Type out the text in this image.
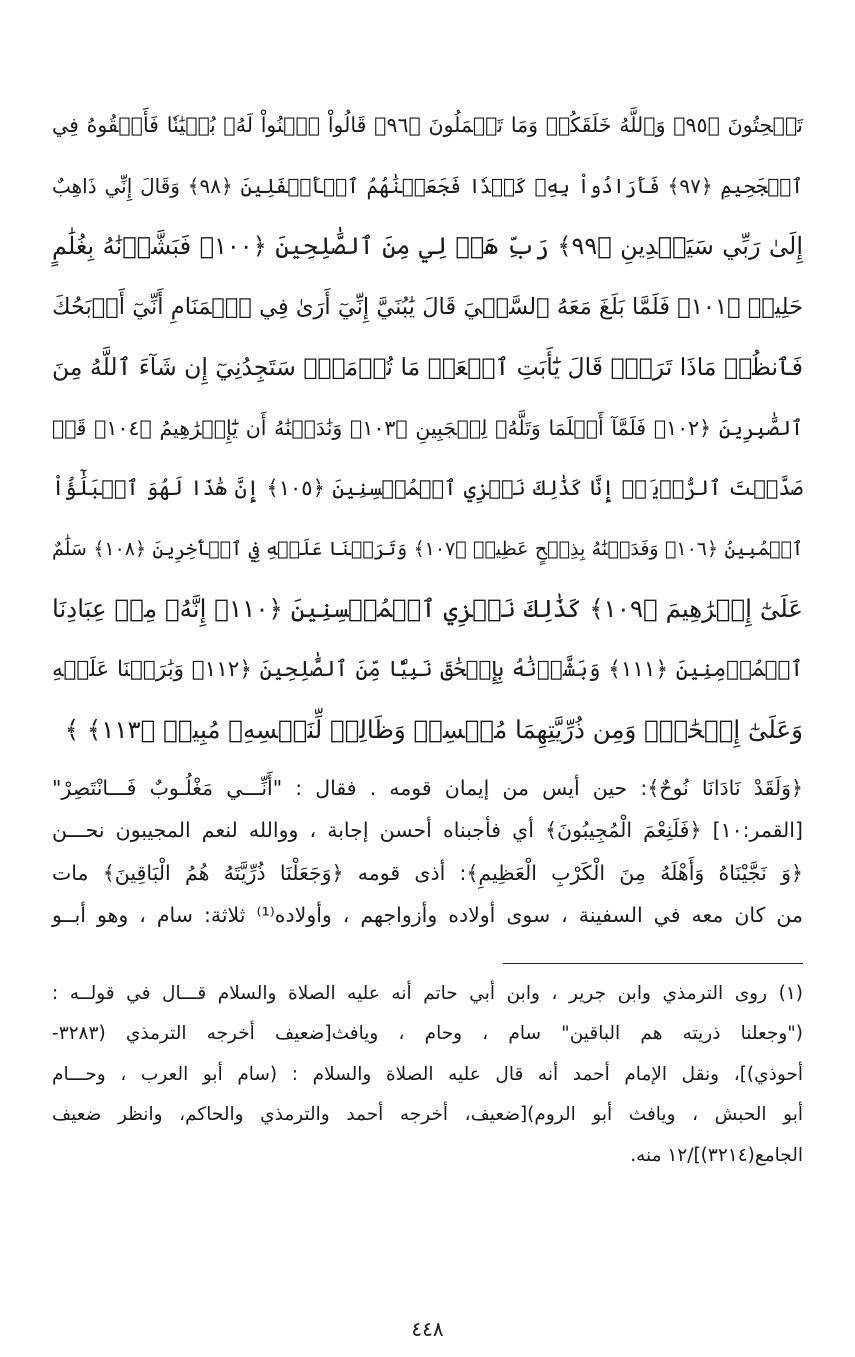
تَنۡحِتُونَ ﴿٩٥﴾ وَٱللَّهُ خَلَقَكُمۡ وَمَا تَعۡمَلُونَ ﴿٩٦﴾ قَالُواْ ٱبۡنُواْ لَهُۥ بُنۡيَٰنٗا فَأَلۡقُوهُ فِي
ٱلۡجَحِيمِ ﴿٩٧﴾ فَأَرَادُواْ بِهِۦ كَيۡدٗا فَجَعَلۡنَٰهُمُ ٱلۡأَسۡفَلِينَ ﴿٩٨﴾ وَقَالَ إِنِّي ذَاهِبٌ
إِلَىٰ رَبِّي سَيَهۡدِينِ ﴿٩٩﴾ رَبِّ هَبۡ لِي مِنَ ٱلصَّٰلِحِينَ ﴿١٠٠﴾ فَبَشَّرۡنَٰهُ بِغُلَٰمٍ
حَلِيمٖ ﴿١٠١﴾ فَلَمَّا بَلَغَ مَعَهُ ٱلسَّعۡيَ قَالَ يَٰبُنَيَّ إِنِّيٓ أَرَىٰ فِي ٱلۡمَنَامِ أَنِّيٓ أَذۡبَحُكَ
فَٱنظُرۡ مَاذَا تَرَىٰۚ قَالَ يَٰٓأَبَتِ ٱفۡعَلۡ مَا تُؤۡمَرُۖ سَتَجِدُنِيٓ إِن شَآءَ ٱللَّهُ مِنَ
ٱلصَّٰبِرِينَ ﴿١٠٢﴾ فَلَمَّآ أَسۡلَمَا وَتَلَّهُۥ لِلۡجَبِينِ ﴿١٠٣﴾ وَنَٰدَيۡنَٰهُ أَن يَٰٓإِبۡرَٰهِيمُ ﴿١٠٤﴾ قَدۡ
صَدَّقۡتَ ٱلرُّءۡيَآۚ إِنَّا كَذَٰلِكَ نَجۡزِي ٱلۡمُحۡسِنِينَ ﴿١٠٥﴾ إِنَّ هَٰذَا لَهُوَ ٱلۡبَلَٰٓؤُاْ
ٱلۡمُبِينُ ﴿١٠٦﴾ وَفَدَيۡنَٰهُ بِذِبۡحٍ عَظِيمٖ ﴿١٠٧﴾ وَتَرَكۡنَا عَلَيۡهِ فِي ٱلۡأٓخِرِينَ ﴿١٠٨﴾ سَلَٰمٌ
عَلَىٰٓ إِبۡرَٰهِيمَ ﴿١٠٩﴾ كَذَٰلِكَ نَجۡزِي ٱلۡمُحۡسِنِينَ ﴿١١٠﴾ إِنَّهُۥ مِنۡ عِبَادِنَا
ٱلۡمُؤۡمِنِينَ ﴿١١١﴾ وَبَشَّرۡنَٰهُ بِإِسۡحَٰقَ نَبِيّٗا مِّنَ ٱلصَّٰلِحِينَ ﴿١١٢﴾ وَبَٰرَكۡنَا عَلَيۡهِ
وَعَلَىٰٓ إِسۡحَٰقَۚ وَمِن ذُرِّيَّتِهِمَا مُحۡسِنٞ وَظَالِمٞ لِّنَفۡسِهِۦ مُبِينٞ ﴿١١٣﴾ ﴾
﴿وَلَقَدْ نَادَانَا نُوحٌ﴾: حين أيس من إيمان قومه . فقال : "أَنِّـــي مَغْلُـوبٌ فَـــانْتَصِرْ"
[القمر:١٠] ﴿فَلَنِعْمَ الْمُجِيبُونَ﴾ أي فأجبناه أحسن إجابة ، ووالله لنعم المجيبون نحـــن
﴿وَ نَجَّيْنَاهُ وَأَهْلَهُ مِنَ الْكَرْبِ الْعَظِيمِ﴾: أذى قومه ﴿وَجَعَلْنَا ذُرِّيَّتَهُ هُمُ الْبَاقِينَ﴾ مات
من كان معه في السفينة ، سوى أولاده وأزواجهم ، وأولاده⁽¹⁾ ثلاثة: سام ، وهو أبــو
(١) روى الترمذي وابن جرير ، وابن أبي حاتم أنه عليه الصلاة والسلام قـــال في قولــه :
("وجعلنا ذريته هم الباقين" سام ، وحام ، ويافث[ضعيف أخرجه الترمذي (٣٢٨٣-
أحوذي)]، ونقل الإمام أحمد أنه قال عليه الصلاة والسلام : (سام أبو العرب ، وحـــام
أبو الحبش ، ويافث أبو الروم)[ضعيف، أخرجه أحمد والترمذي والحاكم، وانظر ضعيف
الجامع(٣٢١٤)]/١٢ منه.
٤٤٨
